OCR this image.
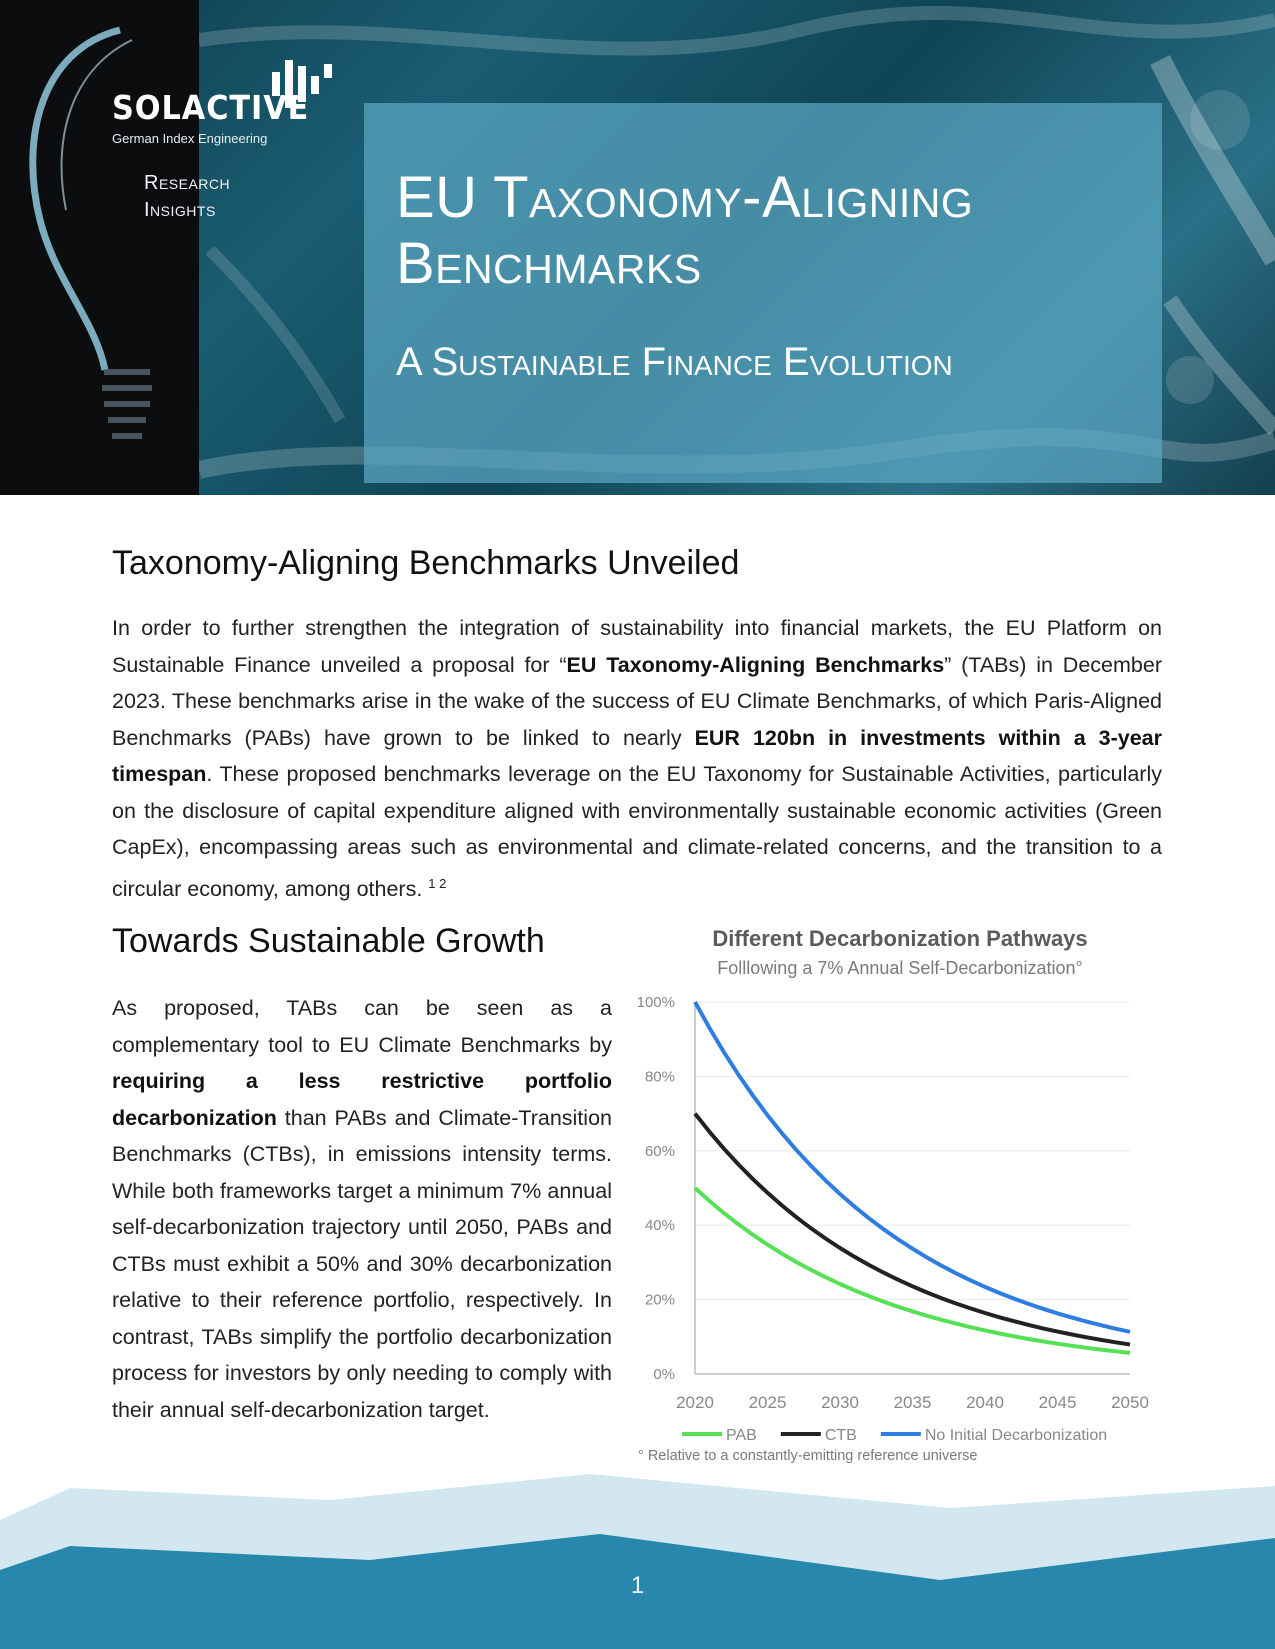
SOLACTIVE
German Index Engineering
Research
Insights	EU Taxonomy-Aligning
Benchmarks
A Sustainable Finance Evolution
Taxonomy-Aligning Benchmarks Unveiled

In order to further strengthen the integration of sustainability into financial markets, the EU Platform on Sustainable Finance unveiled a proposal for “EU Taxonomy-Aligning Benchmarks” (TABs) in December 2023. These benchmarks arise in the wake of the success of EU Climate Benchmarks, of which Paris-Aligned Benchmarks (PABs) have grown to be linked to nearly EUR 120bn in investments within a 3-year timespan. These proposed benchmarks leverage on the EU Taxonomy for Sustainable Activities, particularly on the disclosure of capital expenditure aligned with environmentally sustainable economic activities (Green CapEx), encompassing areas such as environmental and climate-related concerns, and the transition to a circular economy, among others. $^{1 2}$

Towards Sustainable Growth

As proposed, TABs can be seen as a complementary tool to EU Climate Benchmarks by requiring a less restrictive portfolio decarbonization than PABs and Climate-Transition Benchmarks (CTBs), in emissions intensity terms. While both frameworks target a minimum 7% annual self-decarbonization trajectory until 2050, PABs and CTBs must exhibit a 50% and 30% decarbonization relative to their reference portfolio, respectively. In contrast, TABs simplify the portfolio decarbonization process for investors by only needing to comply with their annual self-decarbonization target.

Different Decarbonization Pathways
Folllowing a 7% Annual Self-Decarbonization°
0%
20%
40%
60%
80%
100%
2020 2025 2030 2035 2040 2045 2050
PAB	CTB	No Initial Decarbonization
° Relative to a constantly-emitting reference universe
1
